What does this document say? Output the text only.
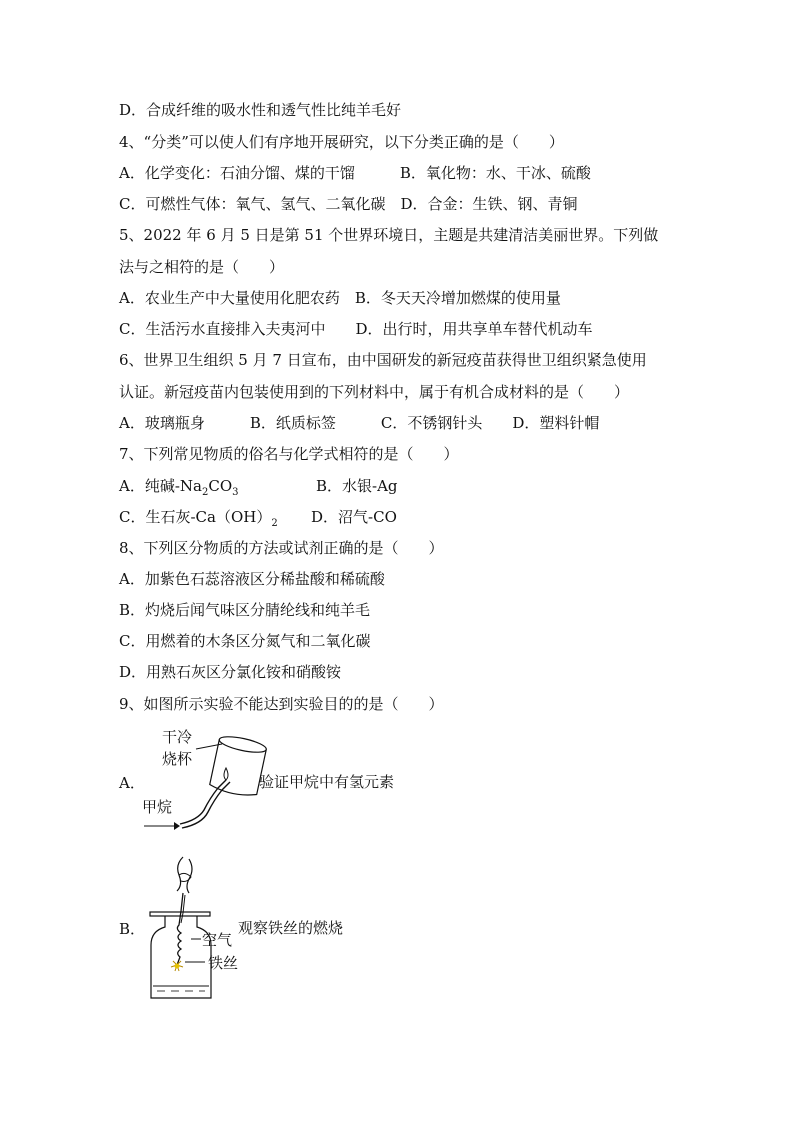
D．合成纤维的吸水性和透气性比纯羊毛好
4、“分类”可以使人们有序地开展研究，以下分类正确的是（　　）
A．化学变化：石油分馏、煤的干馏　　　B．氧化物：水、干冰、硫酸
C．可燃性气体：氧气、氢气、二氧化碳　D．合金：生铁、钢、青铜
5、2022 年 6 月 5 日是第 51 个世界环境日，主题是共建清洁美丽世界。下列做
法与之相符的是（　　）
A．农业生产中大量使用化肥农药　B．冬天天冷增加燃煤的使用量
C．生活污水直接排入夫夷河中　　D．出行时，用共享单车替代机动车
6、世界卫生组织 5 月 7 日宣布，由中国研发的新冠疫苗获得世卫组织紧急使用
认证。新冠疫苗内包装使用到的下列材料中，属于有机合成材料的是（　　）
A．玻璃瓶身　　　B．纸质标签　　　C．不锈钢针头　　D．塑料针帽
7、下列常见物质的俗名与化学式相符的是（　　）
A．纯碱$-Na_2CO_3$	B．水银-Ag
C．生石灰$-Ca(OH)_2$ D．沼气-CO
8、下列区分物质的方法或试剂正确的是（　　）
A．加紫色石蕊溶液区分稀盐酸和稀硫酸
B．灼烧后闻气味区分腈纶线和纯羊毛
C．用燃着的木条区分氮气和二氧化碳
D．用熟石灰区分氯化铵和硝酸铵
9、如图所示实验不能达到实验目的的是（　　）
A．
干冷
烧杯
甲烷
验证甲烷中有氢元素
B．
空气
铁丝
观察铁丝的燃烧
